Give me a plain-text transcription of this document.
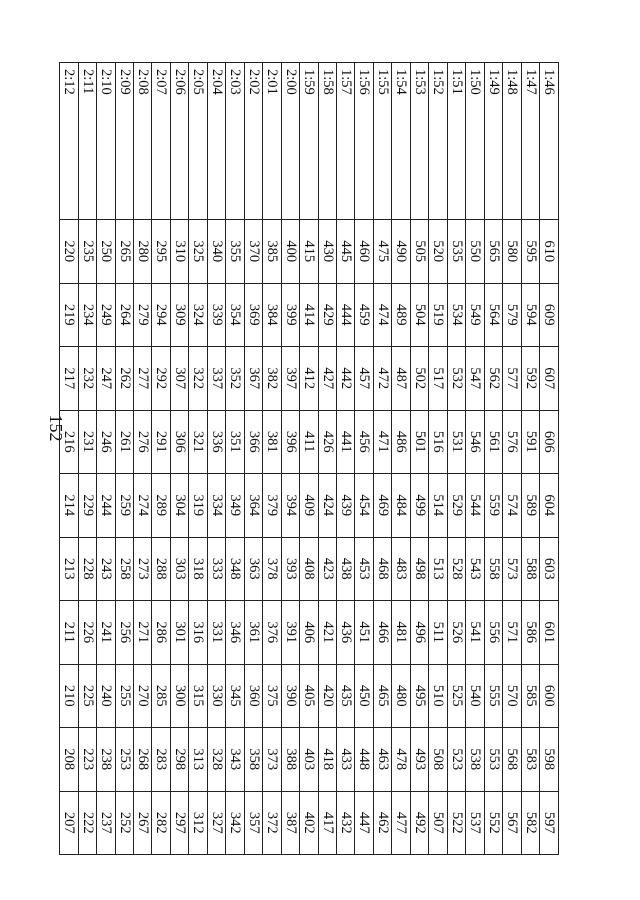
152
1:46	610	609	607	606	604	603	601	600	598	597
1:47	595	594	592	591	589	588	586	585	583	582
1:48	580	579	577	576	574	573	571	570	568	567
1:49	565	564	562	561	559	558	556	555	553	552
1:50	550	549	547	546	544	543	541	540	538	537
1:51	535	534	532	531	529	528	526	525	523	522
1:52	520	519	517	516	514	513	511	510	508	507
1:53	505	504	502	501	499	498	496	495	493	492
1:54	490	489	487	486	484	483	481	480	478	477
1:55	475	474	472	471	469	468	466	465	463	462
1:56	460	459	457	456	454	453	451	450	448	447
1:57	445	444	442	441	439	438	436	435	433	432
1:58	430	429	427	426	424	423	421	420	418	417
1:59	415	414	412	411	409	408	406	405	403	402
2:00	400	399	397	396	394	393	391	390	388	387
2:01	385	384	382	381	379	378	376	375	373	372
2:02	370	369	367	366	364	363	361	360	358	357
2:03	355	354	352	351	349	348	346	345	343	342
2:04	340	339	337	336	334	333	331	330	328	327
2:05	325	324	322	321	319	318	316	315	313	312
2:06	310	309	307	306	304	303	301	300	298	297
2:07	295	294	292	291	289	288	286	285	283	282
2:08	280	279	277	276	274	273	271	270	268	267
2:09	265	264	262	261	259	258	256	255	253	252
2:10	250	249	247	246	244	243	241	240	238	237
2:11	235	234	232	231	229	228	226	225	223	222
2:12	220	219	217	216	214	213	211	210	208	207
